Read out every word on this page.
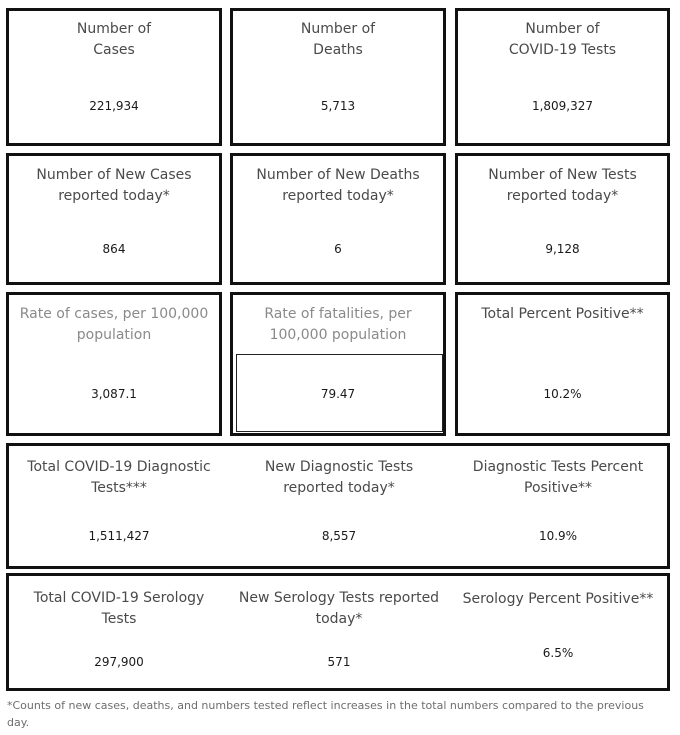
Number of
Cases
221,934
Number of
Deaths
5,713
Number of
COVID-19 Tests
1,809,327
Number of New Cases
reported today*
864
Number of New Deaths
reported today*
6
Number of New Tests
reported today*
9,128
Rate of cases, per 100,000
population
3,087.1
Rate of fatalities, per
100,000 population
79.47
Total Percent Positive**
10.2%
Total COVID-19 Diagnostic
Tests***
1,511,427
New Diagnostic Tests
reported today*
8,557
Diagnostic Tests Percent
Positive**
10.9%
Total COVID-19 Serology
Tests
297,900
New Serology Tests reported
today*
571
Serology Percent Positive**
6.5%
*Counts of new cases, deaths, and numbers tested reflect increases in the total numbers compared to the previous day.
